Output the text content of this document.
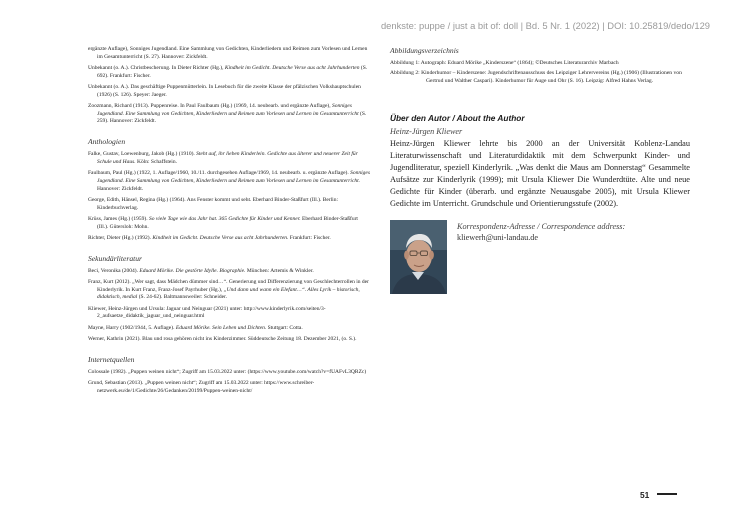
denkste: puppe / just a bit of: doll | Bd. 5 Nr. 1 (2022) | DOI: 10.25819/dedo/129

ergänzte Auflage), Sonniges Jugendland. Eine Sammlung von Gedichten, Kinderliedern und Reimen zum Vorlesen und Lernen im Gesamtunterricht (S. 27). Hannover: Zickfeldt.

Unbekannt (o. A.). Christbescherung. In Dieter Richter (Hg.), Kindheit im Gedicht. Deutsche Verse aus acht Jahrhunderten (S. 692). Frankfurt: Fischer.

Unbekannt (o. A.). Das geschäftige Puppenmütterlein. In Lesebuch für die zweite Klasse der pfälzischen Volkshauptschulen (1926) (S. 126). Speyer: Jaeger.

Zoozmann, Richard (1913). Puppenreise. In Paul Faulbaum (Hg.) (1969, 14. neubearb. und ergänzte Auflage), Sonniges Jugendland. Eine Sammlung von Gedichten, Kinderliedern und Reimen zum Vorlesen und Lernen im Gesamtunterricht (S. 259). Hannover: Zickfeldt.

Anthologien

Falke, Gustav, Loewenburg, Jakob (Hg.) (1910). Steht auf, ihr lieben Kinderlein. Gedichte aus älterer und neuerer Zeit für Schule und Haus. Köln: Schaffstein.

Faulbaum, Paul (Hg.) (1922, 1. Auflage/1960, 10./11. durchgesehen Auflage/1969, 14. neubearb. u. ergänzte Auflage). Sonniges Jugendland. Eine Sammlung von Gedichten, Kinderliedern und Reimen zum Vorlesen und Lernen im Gesamtunterricht. Hannover: Zickfeldt.

George, Edith, Hänsel, Regina (Hg.) (1964). Ans Fenster kommt und seht. Eberhard Binder-Staßfurt (Ill.). Berlin: Kinderbuchverlag.

Krüss, James (Hg.) (1959). So viele Tage wie das Jahr hat. 365 Gedichte für Kinder und Kenner. Eberhard Binder-Staßfurt (Ill.). Gütersloh: Mohn.

Richter, Dieter (Hg.) (1992). Kindheit im Gedicht. Deutsche Verse aus acht Jahrhunderten. Frankfurt: Fischer.

Sekundärliteratur

Beci, Veronika (2004). Eduard Mörike. Die gestörte Idylle. Biographie. München: Artemis & Winkler.

Franz, Kurt (2012). „Wer sagt, dass Mädchen dümmer sind…“. Generierung und Differenzierung von Geschlechterrollen in der Kinderlyrik. In Kurt Franz, Franz-Josef Payrhuber (Hg.), „Und dann und wann ein Elefant…“. Alles Lyrik – historisch, didaktisch, medial (S. 24-62). Baltmannsweiler: Schneider.

Kliewer, Heinz-Jürgen und Ursula: Jaguar und Neinguar (2021) unter: http://www.kinderlyrik.com/seiten/3-2_aufsaetze_didaktik_jaguar_und_neinguar.html

Mayne, Harry (1902/1944, 5. Auflage). Eduard Mörike. Sein Leben und Dichten. Stuttgart: Cotta.

Werner, Kathrin (2021). Blau und rosa gehören nicht ins Kinderzimmer. Süddeutsche Zeitung 18. Dezember 2021, (o. S.).

Internetquellen

Colossale (1982). „Puppen weinen nicht“; Zugriff am 15.03.2022 unter: (https://www.youtube.com/watch?v=fUAFvL3QRZc)

Grund, Sebastian (2013). „Puppen weinen nicht“; Zugriff am 15.03.2022 unter: https://www.schreiber-netzwerk.eu/de/1/Gedichte/26/Gedanken/20199/Puppen-weinen-nicht/

Abbildungsverzeichnis

Abbildung 1: Autograph: Eduard Mörike „Kinderszene“ (1864); ©Deutsches Literaturarchiv Marbach

Abbildung 2: Kinderhumor – Kinderszene: Jugendschriftenausschuss des Leipziger Lehrervereins (Hg.) (1906) (Illustrationen von Gertrud und Walther Caspari). Kinderhumor für Auge und Ohr (S. 16). Leipzig: Alfred Hahns Verlag.

Über den Autor / About the Author
Heinz-Jürgen Kliewer

Heinz-Jürgen Kliewer lehrte bis 2000 an der Universität Koblenz-Landau Literaturwissenschaft und Literaturdidaktik mit dem Schwerpunkt Kinder- und Jugendliteratur, speziell Kinderlyrik. „Was denkt die Maus am Donnerstag“ Gesammelte Aufsätze zur Kinderlyrik (1999); mit Ursula Kliewer Die Wunderdtüte. Alte und neue Gedichte für Kinder (überarb. und ergänzte Neuausgabe 2005), mit Ursula Kliewer Gedichte im Unterricht. Grundschule und Orientierungsstufe (2002).

Korrespondenz-Adresse / Correspondence address:
kliewerh@uni-landau.de
51
